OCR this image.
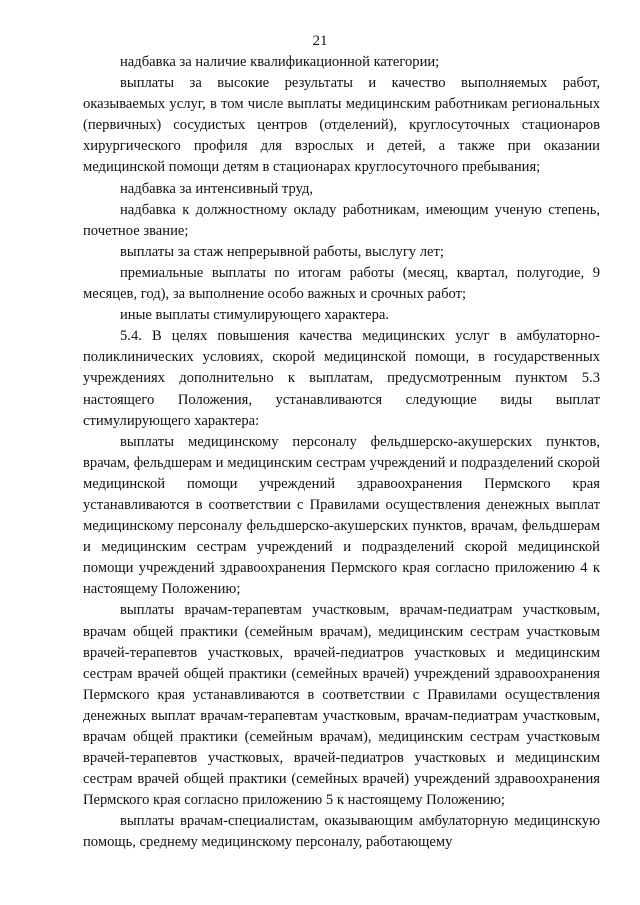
21

надбавка за наличие квалификационной категории;

выплаты за высокие результаты и качество выполняемых работ, оказываемых услуг, в том числе выплаты медицинским работникам региональных (первичных) сосудистых центров (отделений), круглосуточных стационаров хирургического профиля для взрослых и детей, а также при оказании медицинской помощи детям в стационарах круглосуточного пребывания;

надбавка за интенсивный труд,

надбавка к должностному окладу работникам, имеющим ученую степень, почетное звание;

выплаты за стаж непрерывной работы, выслугу лет;

премиальные выплаты по итогам работы (месяц, квартал, полугодие, 9 месяцев, год), за выполнение особо важных и срочных работ;

иные выплаты стимулирующего характера.

5.4. В целях повышения качества медицинских услуг в амбулаторно-поликлинических условиях, скорой медицинской помощи, в государственных учреждениях дополнительно к выплатам, предусмотренным пунктом 5.3 настоящего Положения, устанавливаются следующие виды выплат стимулирующего характера:

выплаты медицинскому персоналу фельдшерско-акушерских пунктов, врачам, фельдшерам и медицинским сестрам учреждений и подразделений скорой медицинской помощи учреждений здравоохранения Пермского края устанавливаются в соответствии с Правилами осуществления денежных выплат медицинскому персоналу фельдшерско-акушерских пунктов, врачам, фельдшерам и медицинским сестрам учреждений и подразделений скорой медицинской помощи учреждений здравоохранения Пермского края согласно приложению 4 к настоящему Положению;

выплаты врачам-терапевтам участковым, врачам-педиатрам участковым, врачам общей практики (семейным врачам), медицинским сестрам участковым врачей-терапевтов участковых, врачей-педиатров участковых и медицинским сестрам врачей общей практики (семейных врачей) учреждений здравоохранения Пермского края устанавливаются в соответствии с Правилами осуществления денежных выплат врачам-терапевтам участковым, врачам-педиатрам участковым, врачам общей практики (семейным врачам), медицинским сестрам участковым врачей-терапевтов участковых, врачей-педиатров участковых и медицинским сестрам врачей общей практики (семейных врачей) учреждений здравоохранения Пермского края согласно приложению 5 к настоящему Положению;

выплаты врачам-специалистам, оказывающим амбулаторную медицинскую помощь, среднему медицинскому персоналу, работающему
